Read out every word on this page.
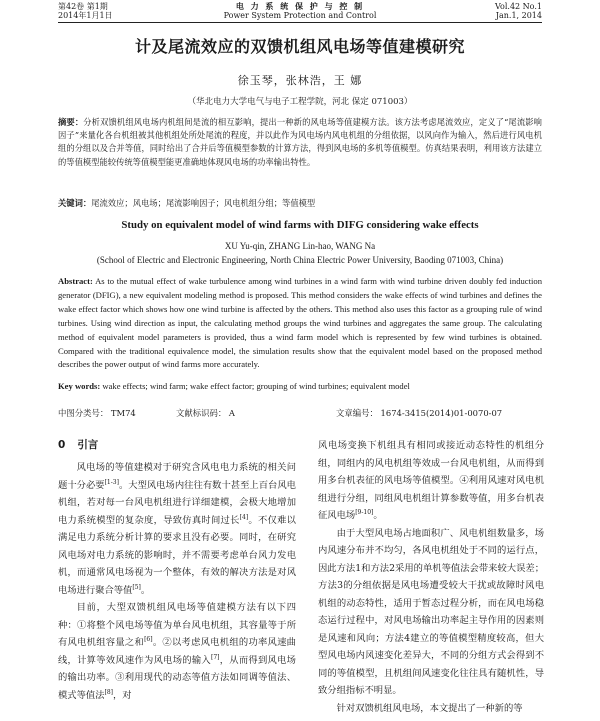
第42卷 第1期
2014年1月1日
电 力 系 统 保 护 与 控 制
Power System Protection and Control
Vol.42 No.1
Jan.1, 2014
计及尾流效应的双馈机组风电场等值建模研究
徐玉琴，张林浩，王 娜
（华北电力大学电气与电子工程学院，河北 保定 071003）
摘要：分析双馈机组风电场内机组间是流的相互影响，提出一种新的风电场等值建模方法。该方法考虑尾流效应，定义了“尾流影响因子”来量化各台机组被其他机组处所处尾流的程度，并以此作为风电场内风电机组的分组依据，以风向作为输入，然后进行风电机组的分组以及合并等值，同时给出了合并后等值模型参数的计算方法，得到风电场的多机等值模型。仿真结果表明，利用该方法建立的等值模型能较传统等值模型能更准确地体现风电场的功率输出特性。
关键词：尾流效应；风电场；尾流影响因子；风电机组分组；等值模型
Study on equivalent model of wind farms with DIFG considering wake effects
XU Yu-qin, ZHANG Lin-hao, WANG Na
(School of Electric and Electronic Engineering, North China Electric Power University, Baoding 071003, China)
Abstract: As to the mutual effect of wake turbulence among wind turbines in a wind farm with wind turbine driven doubly fed induction generator (DFIG), a new equivalent modeling method is proposed. This method considers the wake effects of wind turbines and defines the wake effect factor which shows how one wind turbine is affected by the others. This method also uses this factor as a grouping rule of wind turbines. Using wind direction as input, the calculating method groups the wind turbines and aggregates the same group. The calculating method of equivalent model parameters is provided, thus a wind farm model which is represented by few wind turbines is obtained. Compared with the traditional equivalence model, the simulation results show that the equivalent model based on the proposed method describes the power output of wind farms more accurately.
Key words: wake effects; wind farm; wake effect factor; grouping of wind turbines; equivalent model
中图分类号： TM74	文献标识码： A	文章编号： 1674-3415(2014)01-0070-07
0 引言

风电场的等值建模对于研究含风电电力系统的相关问题十分必要[1-3]。大型风电场内往往有数十甚至上百台风电机组，若对每一台风电机组进行详细建模，会极大地增加电力系统模型的复杂度，导致仿真时间过长[4]。不仅难以满足电力系统分析计算的要求且没有必要。同时，在研究风电场对电力系统的影响时，并不需要考虑单台风力发电机，而通常风电场视为一个整体，有效的解决方法是对风电场进行聚合等值[5]。

目前，大型双馈机组风电场等值建模方法有以下四种：①将整个风电场等值为单台风电机组，其容量等于所有风电机组容量之和[6]。②以考虑风电机组的功率风速曲线，计算等效风速作为风电场的输入[7]，从而得到风电场的输出功率。③利用现代的动态等值方法如同调等值法、模式等值法[8]，对

风电场变换下机组具有相同或接近动态特性的机组分组，同组内的风电机组等效成一台风电机组，从而得到用多台机表征的风电场等值模型。④利用风速对风电机组进行分组，同组风电机组计算参数等值，用多台机表征风电场[9-10]。

由于大型风电场占地面积广、风电机组数量多，场内风速分布并不均匀，各风电机组处于不同的运行点，因此方法1和方法2采用的单机等值法会带来较大误差；方法3的分组依据是风电场遭受较大干扰或故障时风电机组的动态特性，适用于暂态过程分析，而在风电场稳态运行过程中，对风电场输出功率起主导作用的因素则是风速和风向；方法4建立的等值模型精度较高，但大型风电场内风速变化差异大，不同的分组方式会得到不同的等值模型，且机组间风速变化往往具有随机性，导致分组指标不明显。

针对双馈机组风电场，本文提出了一种新的等
